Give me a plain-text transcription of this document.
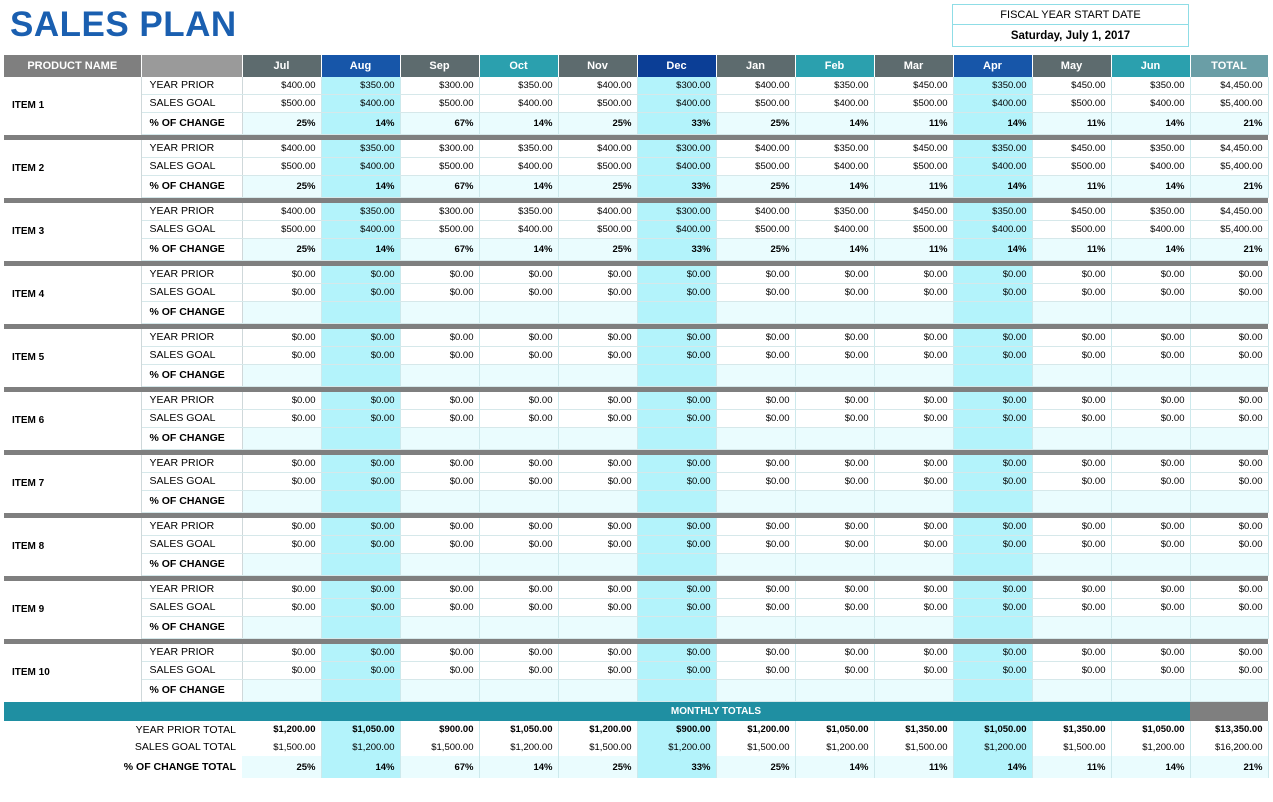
SALES PLAN	FISCAL YEAR START DATE
Saturday, July 1, 2017
PRODUCT NAME		Jul	Aug	Sep	Oct	Nov	Dec	Jan	Feb	Mar	Apr	May	Jun	TOTAL
ITEM 1	YEAR PRIOR	$400.00	$350.00	$300.00	$350.00	$400.00	$300.00	$400.00	$350.00	$450.00	$350.00	$450.00	$350.00	$4,450.00
	SALES GOAL	$500.00	$400.00	$500.00	$400.00	$500.00	$400.00	$500.00	$400.00	$500.00	$400.00	$500.00	$400.00	$5,400.00
	% OF CHANGE	25%	14%	67%	14%	25%	33%	25%	14%	11%	14%	11%	14%	21%

ITEM 2	YEAR PRIOR	$400.00	$350.00	$300.00	$350.00	$400.00	$300.00	$400.00	$350.00	$450.00	$350.00	$450.00	$350.00	$4,450.00
	SALES GOAL	$500.00	$400.00	$500.00	$400.00	$500.00	$400.00	$500.00	$400.00	$500.00	$400.00	$500.00	$400.00	$5,400.00
	% OF CHANGE	25%	14%	67%	14%	25%	33%	25%	14%	11%	14%	11%	14%	21%

ITEM 3	YEAR PRIOR	$400.00	$350.00	$300.00	$350.00	$400.00	$300.00	$400.00	$350.00	$450.00	$350.00	$450.00	$350.00	$4,450.00
	SALES GOAL	$500.00	$400.00	$500.00	$400.00	$500.00	$400.00	$500.00	$400.00	$500.00	$400.00	$500.00	$400.00	$5,400.00
	% OF CHANGE	25%	14%	67%	14%	25%	33%	25%	14%	11%	14%	11%	14%	21%

ITEM 4	YEAR PRIOR	$0.00	$0.00	$0.00	$0.00	$0.00	$0.00	$0.00	$0.00	$0.00	$0.00	$0.00	$0.00	$0.00
	SALES GOAL	$0.00	$0.00	$0.00	$0.00	$0.00	$0.00	$0.00	$0.00	$0.00	$0.00	$0.00	$0.00	$0.00
	% OF CHANGE													

ITEM 5	YEAR PRIOR	$0.00	$0.00	$0.00	$0.00	$0.00	$0.00	$0.00	$0.00	$0.00	$0.00	$0.00	$0.00	$0.00
	SALES GOAL	$0.00	$0.00	$0.00	$0.00	$0.00	$0.00	$0.00	$0.00	$0.00	$0.00	$0.00	$0.00	$0.00
	% OF CHANGE													

ITEM 6	YEAR PRIOR	$0.00	$0.00	$0.00	$0.00	$0.00	$0.00	$0.00	$0.00	$0.00	$0.00	$0.00	$0.00	$0.00
	SALES GOAL	$0.00	$0.00	$0.00	$0.00	$0.00	$0.00	$0.00	$0.00	$0.00	$0.00	$0.00	$0.00	$0.00
	% OF CHANGE													

ITEM 7	YEAR PRIOR	$0.00	$0.00	$0.00	$0.00	$0.00	$0.00	$0.00	$0.00	$0.00	$0.00	$0.00	$0.00	$0.00
	SALES GOAL	$0.00	$0.00	$0.00	$0.00	$0.00	$0.00	$0.00	$0.00	$0.00	$0.00	$0.00	$0.00	$0.00
	% OF CHANGE													

ITEM 8	YEAR PRIOR	$0.00	$0.00	$0.00	$0.00	$0.00	$0.00	$0.00	$0.00	$0.00	$0.00	$0.00	$0.00	$0.00
	SALES GOAL	$0.00	$0.00	$0.00	$0.00	$0.00	$0.00	$0.00	$0.00	$0.00	$0.00	$0.00	$0.00	$0.00
	% OF CHANGE													

ITEM 9	YEAR PRIOR	$0.00	$0.00	$0.00	$0.00	$0.00	$0.00	$0.00	$0.00	$0.00	$0.00	$0.00	$0.00	$0.00
	SALES GOAL	$0.00	$0.00	$0.00	$0.00	$0.00	$0.00	$0.00	$0.00	$0.00	$0.00	$0.00	$0.00	$0.00
	% OF CHANGE													

ITEM 10	YEAR PRIOR	$0.00	$0.00	$0.00	$0.00	$0.00	$0.00	$0.00	$0.00	$0.00	$0.00	$0.00	$0.00	$0.00
	SALES GOAL	$0.00	$0.00	$0.00	$0.00	$0.00	$0.00	$0.00	$0.00	$0.00	$0.00	$0.00	$0.00	$0.00
	% OF CHANGE													
		MONTHLY TOTALS												
YEAR PRIOR TOTAL		$1,200.00	$1,050.00	$900.00	$1,050.00	$1,200.00	$900.00	$1,200.00	$1,050.00	$1,350.00	$1,050.00	$1,350.00	$1,050.00	$13,350.00
SALES GOAL TOTAL		$1,500.00	$1,200.00	$1,500.00	$1,200.00	$1,500.00	$1,200.00	$1,500.00	$1,200.00	$1,500.00	$1,200.00	$1,500.00	$1,200.00	$16,200.00
% OF CHANGE TOTAL		25%	14%	67%	14%	25%	33%	25%	14%	11%	14%	11%	14%	21%
